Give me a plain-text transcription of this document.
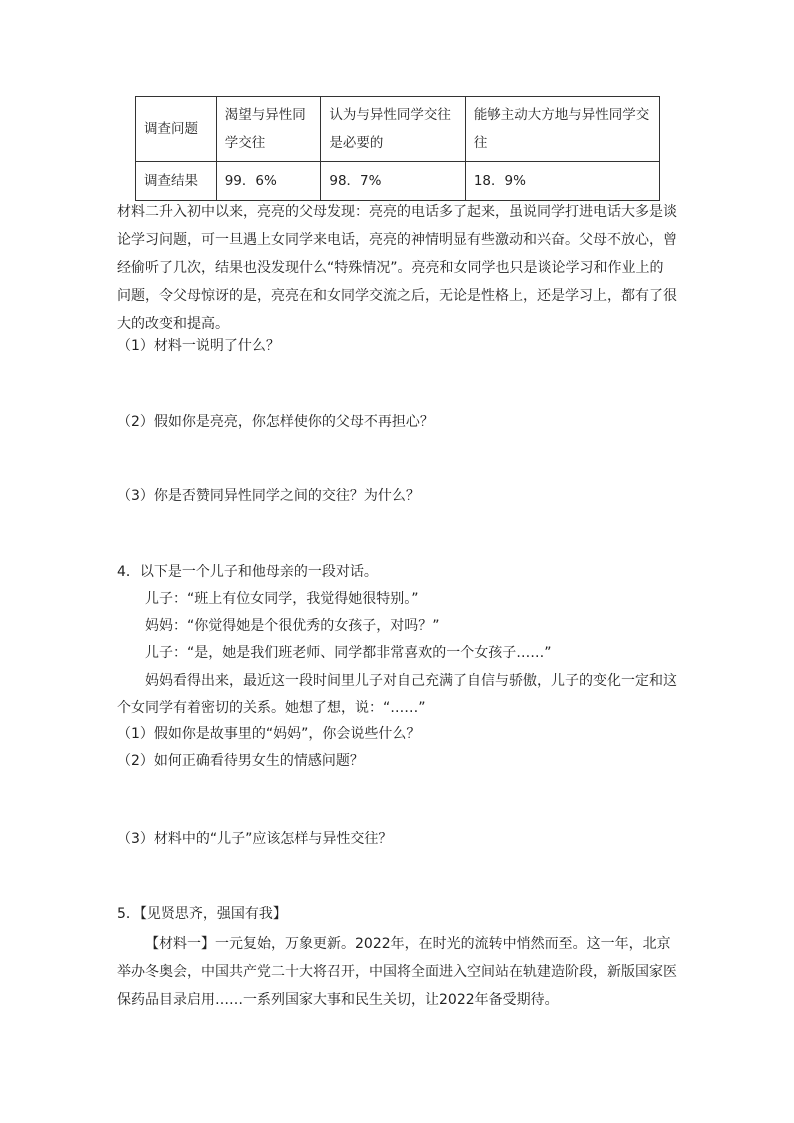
调查问题	渴望与异性同学交往	认为与异性同学交往是必要的	能够主动大方地与异性同学交往
调查结果	99．6%	98．7%	18．9%

材料二升入初中以来，亮亮的父母发现：亮亮的电话多了起来，虽说同学打进电话大多是谈论学习问题，可一旦遇上女同学来电话，亮亮的神情明显有些激动和兴奋。父母不放心，曾经偷听了几次，结果也没发现什么“特殊情况”。亮亮和女同学也只是谈论学习和作业上的问题，令父母惊讶的是，亮亮在和女同学交流之后，无论是性格上，还是学习上，都有了很大的改变和提高。

（1）材料一说明了什么？

（2）假如你是亮亮，你怎样使你的父母不再担心？

（3）你是否赞同异性同学之间的交往？为什么？

4．以下是一个儿子和他母亲的一段对话。

儿子：“班上有位女同学，我觉得她很特别。”

妈妈：“你觉得她是个很优秀的女孩子，对吗？”

儿子：“是，她是我们班老师、同学都非常喜欢的一个女孩子……”

妈妈看得出来，最近这一段时间里儿子对自己充满了自信与骄傲，儿子的变化一定和这个女同学有着密切的关系。她想了想，说：“……”

（1）假如你是故事里的“妈妈”，你会说些什么？

（2）如何正确看待男女生的情感问题？

（3）材料中的“儿子”应该怎样与异性交往？

5．【见贤思齐，强国有我】

【材料一】一元复始，万象更新。2022年，在时光的流转中悄然而至。这一年，北京举办冬奥会，中国共产党二十大将召开，中国将全面进入空间站在轨建造阶段，新版国家医保药品目录启用……一系列国家大事和民生关切，让2022年备受期待。
